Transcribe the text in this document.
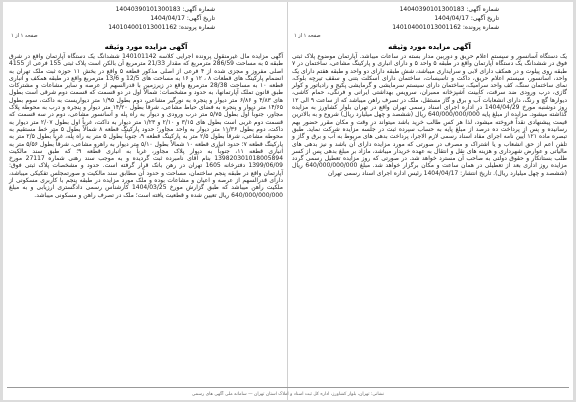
شماره آگهی: 14040390101300183
تاریخ آگهی: 1404/04/17
شماره پرونده: 140104001013001162
صفحه ۱ از ۱
آگهی مزایده مورد وثیقه

یک دستگاه آسانسور و سیستم اعلام حریق و دوربین مدار بسته در ساعات میباشد. آپارتمان موضوع پلاک ثبتی فوق در ششدانگ یک دستگاه آپارتمان واقع در طبقه ۵ واحد ۵ و دارای انباری و پارکینگ مشاعی، ساختمان در ۷ طبقه روی پیلوت و در همکف دارای لابی و سرایداری میباشد، شش طبقه دارای دو واحد و طبقه هفتم دارای یک واحد، آسانسور، سیستم اعلام حریق، داکت و تاسیسات، ساختمان دارای اسکلت بتنی و سقف تیرچه بلوک، نمای ساختمان سنگ، کف واحد سرامیک، ساختمان دارای سیستم سرمایشی و گرمایشی پکیج و رادیاتور و کولر گازی، درب ورودی ضد سرقت، کابینت آشپزخانه ممبران، سرویس بهداشتی ایرانی و فرنگی، حمام کاشی، دیوارها گچ و رنگ، دارای انشعابات آب و برق و گاز مستقل، ملک در تصرف راهن میباشد که از ساعت ۹ الی ۱۲ روز دوشنبه مورخ 1404/04/29 در اداره اجرای اسناد رسمی تهران واقع در تهران بلوار کشاورز به مزایده گذاشته میشود. مزایده از مبلغ پایه 640/000/000/000 ریال (ششصد و چهل میلیارد ریال) شروع و به بالاترین قیمت پیشنهادی نقداً فروخته میشود، لذا هر کس طالب خرید باشد میتواند در وقت و مکان مقرر حضور بهم رسانیده و پس از پرداخت ده درصد از مبلغ پایه به حساب سپرده ثبت در جلسه مزایده شرکت نماید. طبق تبصره ماده ۱۲۱ آیین نامه اجرای مفاد اسناد رسمی لازم الاجرا، پرداخت بدهی های مربوط به آب و برق و گاز و تلفن اعم از حق انشعاب و یا اشتراک و مصرف در صورتی که مورد مزایده دارای آن باشد و نیز بدهی های مالیاتی و عوارض شهرداری و هزینه های نقل و انتقال به عهده خریدار میباشد، مازاد بر مبلغ بدهی پس از کسر طلب بستانکار و حقوق دولتی به صاحب آن مسترد خواهد شد. در صورتی که روز مزایده تعطیل رسمی گردد مزایده روز اداری بعد از تعطیلی در همان ساعت و مکان برگزار خواهد شد. مبلغ 640/000/000/000 ریال (ششصد و چهل میلیارد ریال). تاریخ انتشار: 1404/04/17 رئیس اداره اجرای اسناد رسمی تهران

شماره آگهی: 14040390101300183
تاریخ آگهی: 1404/04/17
شماره پرونده: 140104001013001162
صفحه ۱ از ۱
آگهی مزایده مورد وثیقه

آگهی مزایده مال غیرمنقول پرونده اجرایی کلاسه 140101142 ششدانگ یک دستگاه آپارتمان واقع در شرق طبقه ۵ به مساحت 286/59 مترمربع که مقدار 21/33 مترمربع آن بالکن است پلاک ثبتی 155 فرعی از 4155 اصلی مفروز و مجزی شده از ۴ فرعی از اصلی مذکور قطعه ۵ واقع در بخش ۱۱ حوزه ثبت ملک تهران به انضمام پارکینگ های قطعات ۸ ، ۱۲ و ۱۶ به مساحت های 12/5 و 13/6 مترمربع واقع در طبقه همکف و انباری قطعه ۱۰ به مساحت 28/38 مترمربع واقع در زیرزمین با قدرالسهم از عرصه و سایر مشاعات و مشترکات طبق قانون تملک آپارتمانها، به حدود و مشخصات: شمالاً اول در دو قسمت که قسمت دوم شرقی است بطول های ۴/۸۳ و ۶/۸۶ متر دیوار و پنجره به نورگیر مشاعی، دوم بطول ۱/۹۵ متر دیواریست به داکت، سوم بطول ۱۴/۶۵ متر دیوار و پنجره به فضای حیاط مشاعی، شرقاً بطول ۱۴/۲۰ متر دیوار و پنجره و درب به محوطه پلاک مجاور، جنوباً اول بطول ۵/۷۵ متر درب ورودی و دیوار به راه پله و آسانسور مشاعی، دوم در سه قسمت که قسمت دوم غربی است بطول های ۳/۱۵ و ۲/۱۰ و ۱/۲۳ متر دیوار به داکت، غرباً اول بطول ۲/۰۷ متر دیوار به داکت، دوم بطول ۱۱/۳۶ متر دیوار به واحد مجاور؛ حدود پارکینگ قطعه ۸ شمالاً بطول ۵ متر خط مستقیم به محوطه مشاعی، شرقاً بطول ۲/۵ متر به پارکینگ قطعه ۹، جنوباً بطول ۵ متر به راه پله، غرباً بطول ۲/۵ متر به پارکینگ قطعه ۷؛ حدود انباری قطعه ۱۰ شمالاً بطول ۵/۱۰ متر دیوار به راهرو مشاعی، شرقاً بطول ۵/۵۶ متر به انباری قطعه ۱۱، جنوباً به دیوار پلاک مجاور، غرباً به انباری قطعه ۹؛ که طبق سند مالکیت 139820301018005894 بنام آقای نامبرده ثبت گردیده و به موجب سند رهنی شماره 27117 مورخ 1399/06/09 دفترخانه 1605 تهران در رهن بانک قرار گرفته است. حدود و مشخصات پلاک ثبتی فوق: آپارتمان واقع در طبقه پنجم ساختمان، مساحت و حدود آن مطابق سند مالکیت و صورتمجلس تفکیکی میباشد، دارای قدرالسهم از عرصه و اعیان و مشاعات بوده و ملک مورد مزایده در طبقه پنجم با کاربری مسکونی از ملکیت راهن میباشد که طبق گزارش مورخ 1404/03/25 کارشناس رسمی دادگستری ارزیابی و به مبلغ 640/000/000/000 ریال تعیین شده و قطعیت یافته است؛ ملک در تصرف راهن و مسکونی میباشد.

نشانی: تهران، بلوار کشاورز، اداره کل ثبت اسناد و املاک استان تهران — سامانه ملی آگهی های رسمی
